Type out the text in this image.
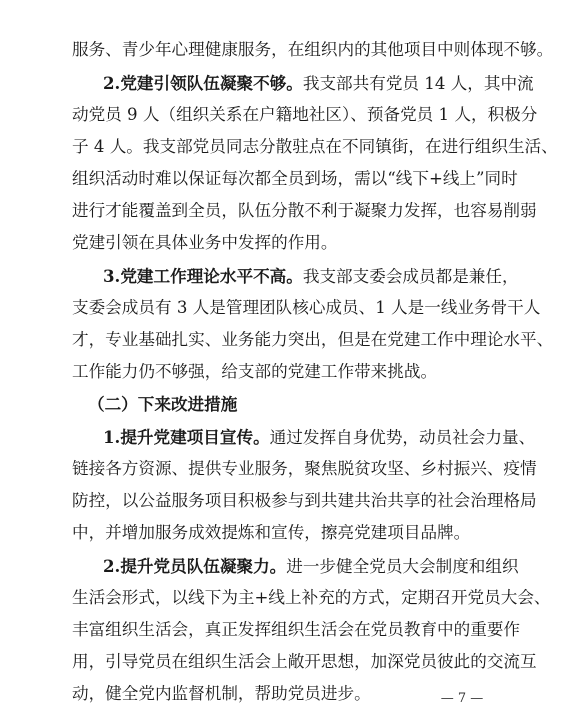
服务、青少年心理健康服务，在组织内的其他项目中则体现不够。
2.党建引领队伍凝聚不够。我支部共有党员 14 人，其中流
动党员 9 人（组织关系在户籍地社区）、预备党员 1 人，积极分
子 4 人。我支部党员同志分散驻点在不同镇街，在进行组织生活、
组织活动时难以保证每次都全员到场，需以“线下+线上”同时
进行才能覆盖到全员，队伍分散不利于凝聚力发挥，也容易削弱
党建引领在具体业务中发挥的作用。
3.党建工作理论水平不高。我支部支委会成员都是兼任，
支委会成员有 3 人是管理团队核心成员、1 人是一线业务骨干人
才，专业基础扎实、业务能力突出，但是在党建工作中理论水平、
工作能力仍不够强，给支部的党建工作带来挑战。
（二）下来改进措施
1.提升党建项目宣传。通过发挥自身优势，动员社会力量、
链接各方资源、提供专业服务，聚焦脱贫攻坚、乡村振兴、疫情
防控，以公益服务项目积极参与到共建共治共享的社会治理格局
中，并增加服务成效提炼和宣传，擦亮党建项目品牌。
2.提升党员队伍凝聚力。进一步健全党员大会制度和组织
生活会形式，以线下为主+线上补充的方式，定期召开党员大会、
丰富组织生活会，真正发挥组织生活会在党员教育中的重要作
用，引导党员在组织生活会上敞开思想，加深党员彼此的交流互
动，健全党内监督机制，帮助党员进步。	— 7 —
